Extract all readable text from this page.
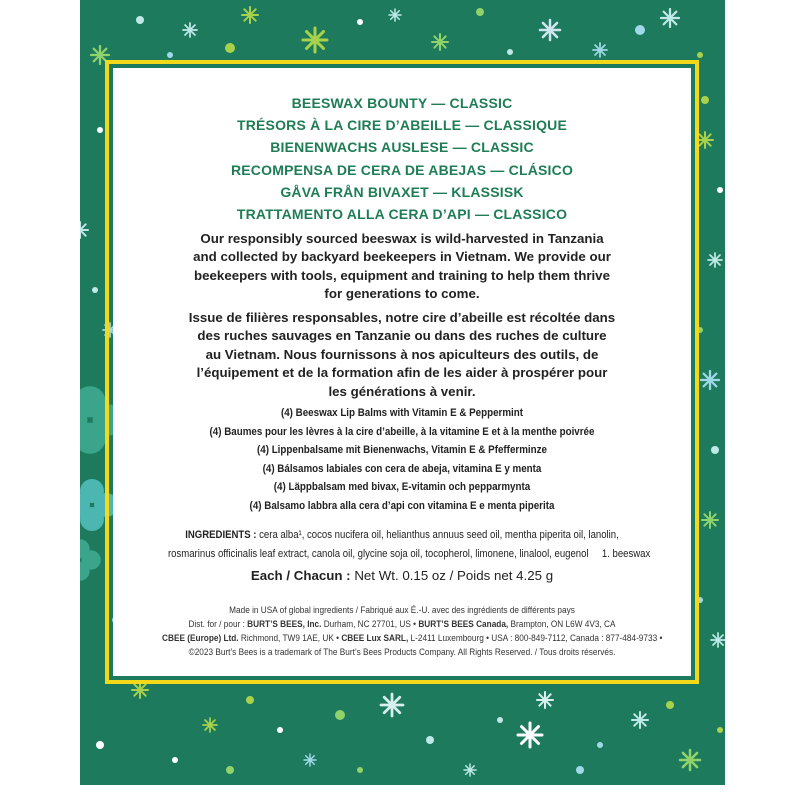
BEESWAX BOUNTY — CLASSIC
TRÉSORS À LA CIRE D’ABEILLE — CLASSIQUE
BIENENWACHS AUSLESE — CLASSIC
RECOMPENSA DE CERA DE ABEJAS — CLÁSICO
GÅVA FRÅN BIVAXET — KLASSISK
TRATTAMENTO ALLA CERA D’API — CLASSICO
Our responsibly sourced beeswax is wild-harvested in Tanzania
and collected by backyard beekeepers in Vietnam. We provide our
beekeepers with tools, equipment and training to help them thrive
for generations to come.
Issue de filières responsables, notre cire d’abeille est récoltée dans
des ruches sauvages en Tanzanie ou dans des ruches de culture
au Vietnam. Nous fournissons à nos apiculteurs des outils, de
l’équipement et de la formation afin de les aider à prospérer pour
les générations à venir.
(4) Beeswax Lip Balms with Vitamin E & Peppermint
(4) Baumes pour les lèvres à la cire d’abeille, à la vitamine E et à la menthe poivrée
(4) Lippenbalsame mit Bienenwachs, Vitamin E & Pfefferminze
(4) Bálsamos labiales con cera de abeja, vitamina E y menta
(4) Läppbalsam med bivax, E-vitamin och pepparmynta
(4) Balsamo labbra alla cera d’api con vitamina E e menta piperita
INGREDIENTS : cera alba¹, cocos nucifera oil, helianthus annuus seed oil, mentha piperita oil, lanolin,
rosmarinus officinalis leaf extract, canola oil, glycine soja oil, tocopherol, limonene, linalool, eugenol 1. beeswax
Each / Chacun : Net Wt. 0.15 oz / Poids net 4.25 g
Made in USA of global ingredients / Fabriqué aux É.-U. avec des ingrédients de différents pays
Dist. for / pour : BURT’S BEES, Inc. Durham, NC 27701, US • BURT’S BEES Canada, Brampton, ON L6W 4V3, CA
CBEE (Europe) Ltd. Richmond, TW9 1AE, UK • CBEE Lux SARL, L-2411 Luxembourg • USA : 800-849-7112, Canada : 877-484-9733 •
©2023 Burt’s Bees is a trademark of The Burt’s Bees Products Company. All Rights Reserved. / Tous droits réservés.
